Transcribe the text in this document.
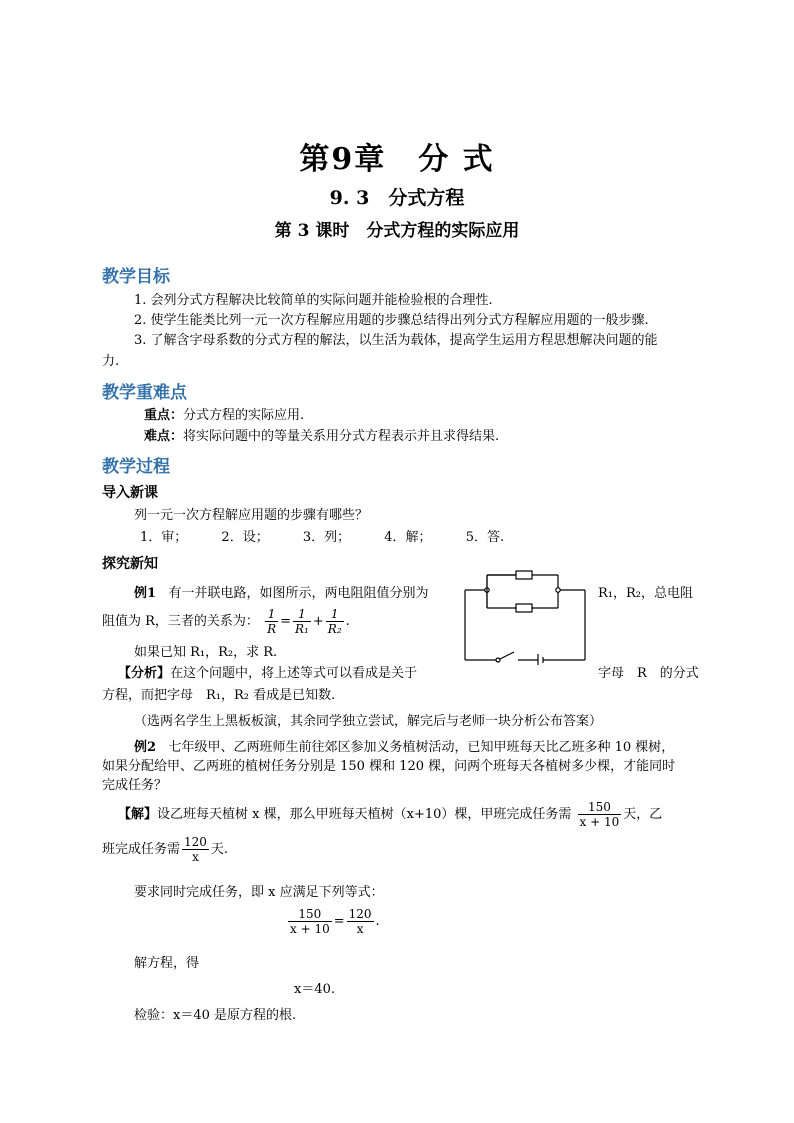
第9章　分 式
9. 3　分式方程
第 3 课时　分式方程的实际应用
教学目标
1. 会列分式方程解决比较简单的实际问题并能检验根的合理性.
2. 使学生能类比列一元一次方程解应用题的步骤总结得出列分式方程解应用题的一般步骤.
3. 了解含字母系数的分式方程的解法，以生活为载体，提高学生运用方程思想解决问题的能
力.
教学重难点
重点：分式方程的实际应用.
难点：将实际问题中的等量关系用分式方程表示并且求得结果.
教学过程
导入新课
列一元一次方程解应用题的步骤有哪些？
1．审；	2．设；	3．列；	4．解；	5．答.
探究新知
例1 有一并联电路，如图所示，两电阻阻值分别为	R₁，R₂，总电阻
阻值为 R，三者的关系为： $\frac{1}{R} = \frac{1}{\text{R₁}} + \frac{1}{\text{R₂}}$ .
如果已知 R₁，R₂，求 R.
【分析】在这个问题中，将上述等式可以看成是关于	字母　R　的分式
方程，而把字母　R₁，R₂ 看成是已知数.
（选两名学生上黑板板演，其余同学独立尝试，解完后与老师一块分析公布答案）
例2 七年级甲、乙两班师生前往郊区参加义务植树活动，已知甲班每天比乙班多种 10 棵树，
如果分配给甲、乙两班的植树任务分别是 150 棵和 120 棵，问两个班每天各植树多少棵，才能同时
完成任务？
【解】设乙班每天植树 x 棵，那么甲班每天植树（x+10）棵，甲班完成任务需 $\frac{150}{x + 10}$ 天，乙
班完成任务需 $\frac{120}{x}$ 天.
要求同时完成任务，即 x 应满足下列等式：
$\frac{150}{x + 10} = \frac{120}{x}$ .
解方程，得
x＝40.
检验：x＝40 是原方程的根.
